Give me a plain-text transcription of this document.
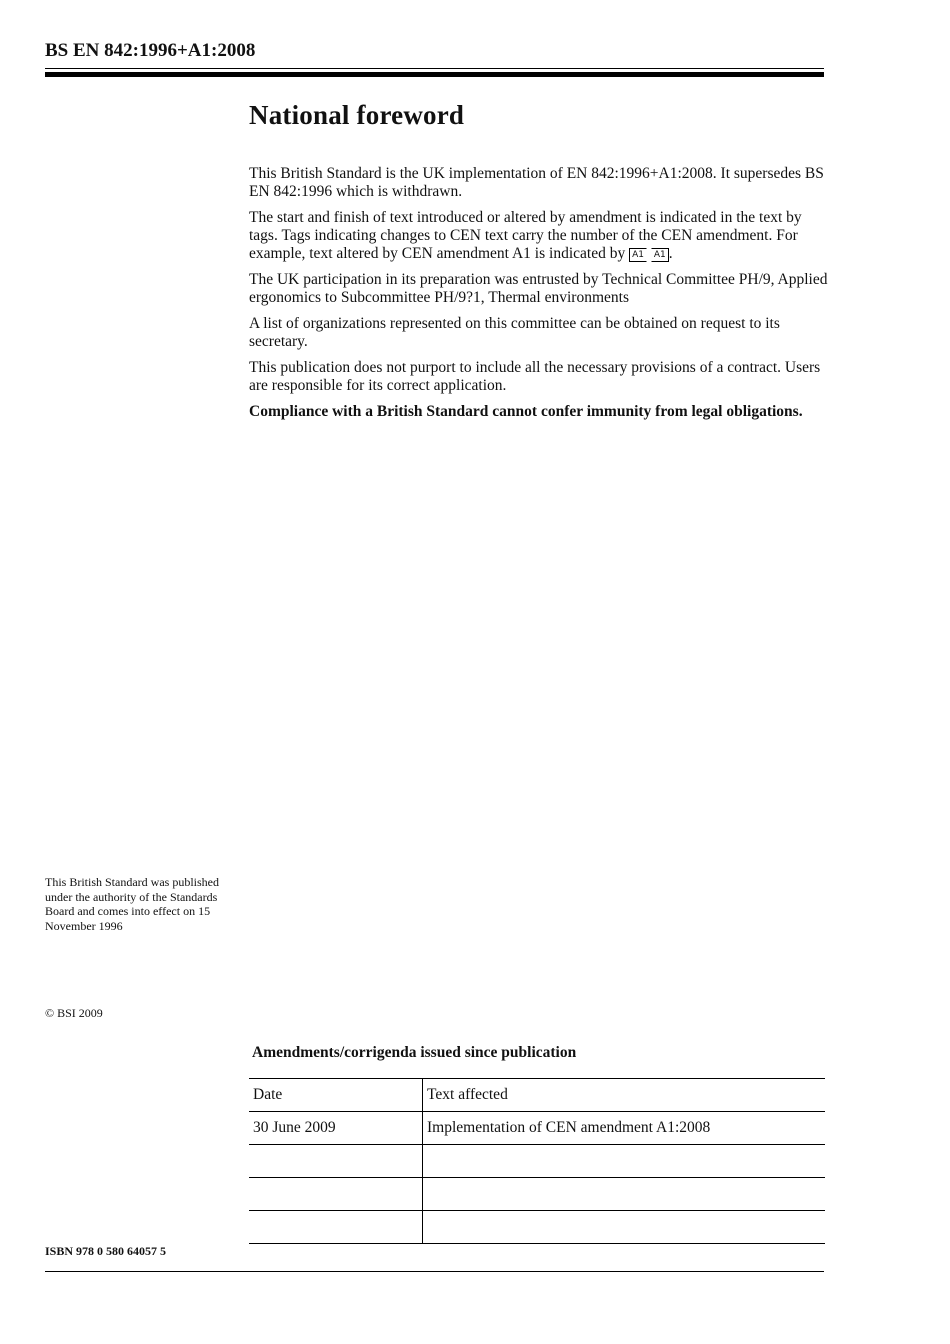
BS EN 842:1996+A1:2008
National foreword

This British Standard is the UK implementation of EN 842:1996+A1:2008. It supersedes BS EN 842:1996 which is withdrawn.

The start and finish of text introduced or altered by amendment is indicated in the text by tags. Tags indicating changes to CEN text carry the number of the CEN amendment. For example, text altered by CEN amendment A1 is indicated by A1 A1 .

The UK participation in its preparation was entrusted by Technical Committee PH/9, Applied ergonomics to Subcommittee PH/9?1, Thermal environments

A list of organizations represented on this committee can be obtained on request to its secretary.

This publication does not purport to include all the necessary provisions of a contract. Users are responsible for its correct application.

Compliance with a British Standard cannot confer immunity from legal obligations.

This British Standard was published under the authority of the Standards Board and comes into effect on 15 November 1996
© BSI 2009
Amendments/corrigenda issued since publication
Date	Text affected
30 June 2009	Implementation of CEN amendment A1:2008

ISBN 978 0 580 64057 5
